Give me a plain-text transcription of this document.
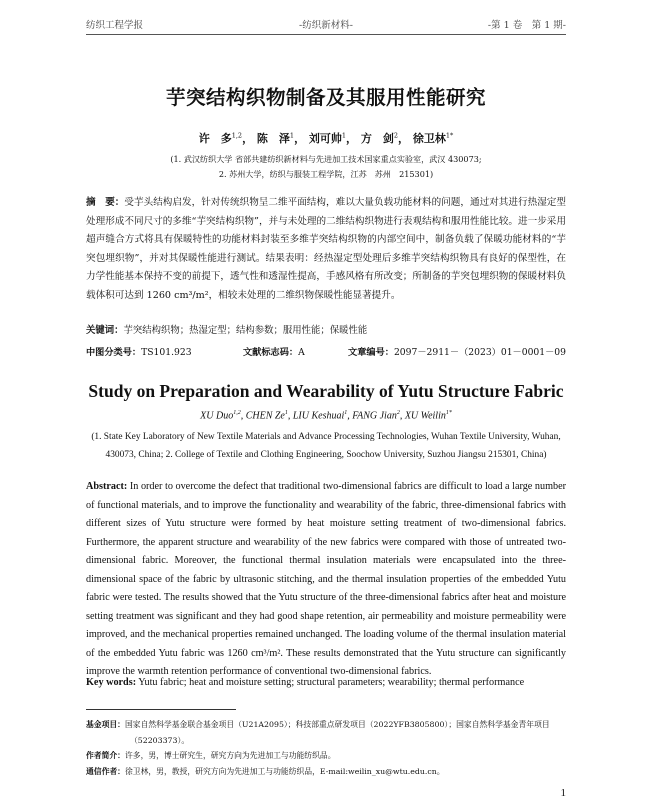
纺织工程学报	-纺织新材料-	-第 1 卷　第 1 期-
芋突结构织物制备及其服用性能研究
许　多$^{1,2}$， 陈　泽$^1$， 刘可帅$^1$， 方　剑$^2$， 徐卫林$^{1*}$
(1. 武汉纺织大学 省部共建纺织新材料与先进加工技术国家重点实验室，武汉 430073;
2. 苏州大学，纺织与服装工程学院，江苏　苏州　215301)
摘　要：受芋头结构启发，针对传统织物呈二维平面结构，难以大量负载功能材料的问题，通过对其进行热湿定型处理形成不同尺寸的多维“芋突结构织物”，并与未处理的二维结构织物进行表观结构和服用性能比较。进一步采用超声缝合方式将具有保暖特性的功能材料封装至多维芋突结构织物的内部空间中，制备负载了保暖功能材料的“芋突包埋织物”，并对其保暖性能进行测试。结果表明：经热湿定型处理后多维芋突结构织物具有良好的保型性，在力学性能基本保持不变的前提下，透气性和透湿性提高，手感风格有所改变；所制备的芋突包埋织物的保暖材料负载体积可达到 1260 cm³/m²，相较未处理的二维织物保暖性能显著提升。
关键词：芋突结构织物；热湿定型；结构参数；服用性能；保暖性能
中图分类号：TS101.923	文献标志码：A	文章编号：2097－2911－（2023）01－0001－09
Study on Preparation and Wearability of Yutu Structure Fabric
XU Duo$^{1,2}$, CHEN Ze$^1$, LIU Keshuai$^1$, FANG Jian$^2$, XU Weilin$^{1*}$
(1. State Key Laboratory of New Textile Materials and Advance Processing Technologies, Wuhan Textile University, Wuhan, 430073, China; 2. College of Textile and Clothing Engineering, Soochow University, Suzhou Jiangsu 215301, China)
Abstract: In order to overcome the defect that traditional two-dimensional fabrics are difficult to load a large number of functional materials, and to improve the functionality and wearability of the fabric, three-dimensional fabrics with different sizes of Yutu structure were formed by heat moisture setting treatment of two-dimensional fabrics. Furthermore, the apparent structure and wearability of the new fabrics were compared with those of untreated two-dimensional fabric. Moreover, the functional thermal insulation materials were encapsulated into the three-dimensional space of the fabric by ultrasonic stitching, and the thermal insulation properties of the embedded Yutu fabric were tested. The results showed that the Yutu structure of the three-dimensional fabrics after heat and moisture setting treatment was significant and they had good shape retention, air permeability and moisture permeability were improved, and the mechanical properties remained unchanged. The loading volume of the thermal insulation material of the embedded Yutu fabric was 1260 cm³/m². These results demonstrated that the Yutu structure can significantly improve the warmth retention performance of conventional two-dimensional fabrics.
Key words: Yutu fabric; heat and moisture setting; structural parameters; wearability; thermal performance
基金项目：国家自然科学基金联合基金项目（U21A2095）；科技部重点研发项目（2022YFB3805800）；国家自然科学基金青年项目
（52203373）。
作者简介：许多，男，博士研究生，研究方向为先进加工与功能纺织品。
通信作者：徐卫林，男，教授，研究方向为先进加工与功能纺织品，E-mail:weilin_xu@wtu.edu.cn。
1
